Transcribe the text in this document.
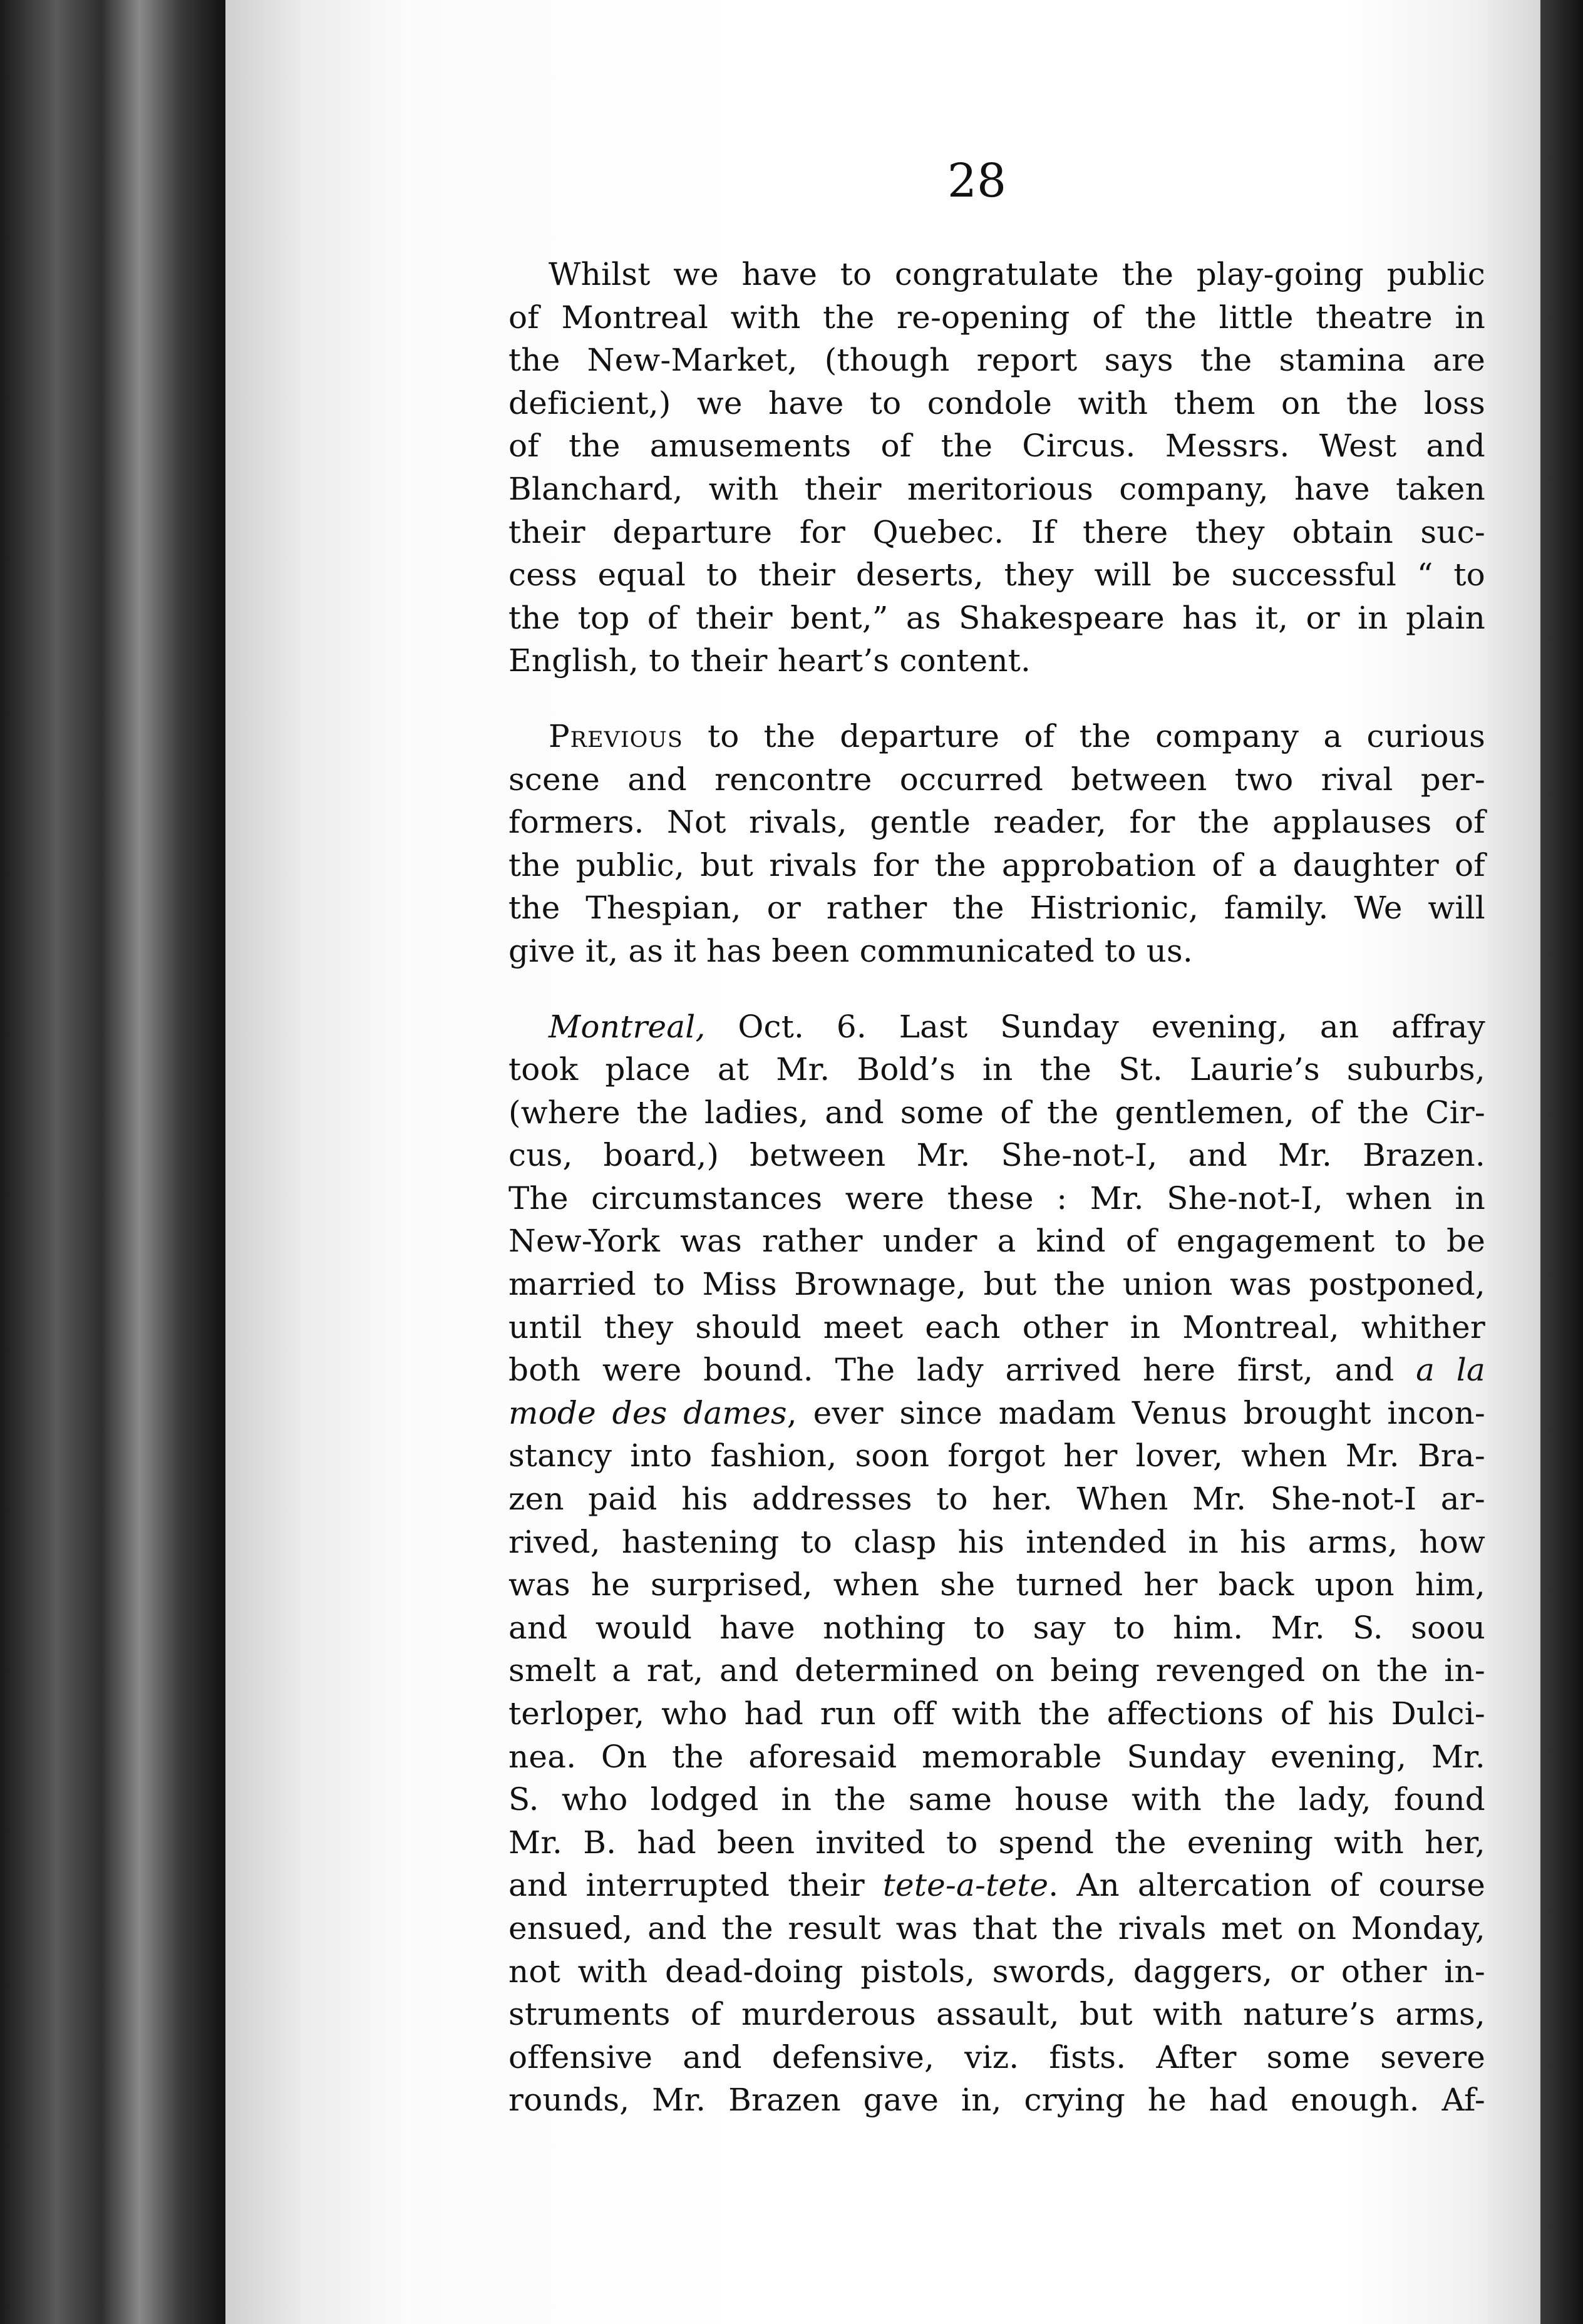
28
Whilst we have to congratulate the play-going public
of Montreal with the re-opening of the little theatre in
the New-Market, (though report says the stamina are
deficient,) we have to condole with them on the loss
of the amusements of the Circus. Messrs. West and
Blanchard, with their meritorious company, have taken
their departure for Quebec. If there they obtain suc-
cess equal to their deserts, they will be successful “ to
the top of their bent,” as Shakespeare has it, or in plain
English, to their heart’s content.
Previous to the departure of the company a curious
scene and rencontre occurred between two rival per-
formers. Not rivals, gentle reader, for the applauses of
the public, but rivals for the approbation of a daughter of
the Thespian, or rather the Histrionic, family. We will
give it, as it has been communicated to us.
Montreal, Oct. 6. Last Sunday evening, an affray
took place at Mr. Bold’s in the St. Laurie’s suburbs,
(where the ladies, and some of the gentlemen, of the Cir-
cus, board,) between Mr. She-not-I, and Mr. Brazen.
The circumstances were these : Mr. She-not-I, when in
New-York was rather under a kind of engagement to be
married to Miss Brownage, but the union was postponed,
until they should meet each other in Montreal, whither
both were bound. The lady arrived here first, and a la
mode des dames, ever since madam Venus brought incon-
stancy into fashion, soon forgot her lover, when Mr. Bra-
zen paid his addresses to her. When Mr. She-not-I ar-
rived, hastening to clasp his intended in his arms, how
was he surprised, when she turned her back upon him,
and would have nothing to say to him. Mr. S. soou
smelt a rat, and determined on being revenged on the in-
terloper, who had run off with the affections of his Dulci-
nea. On the aforesaid memorable Sunday evening, Mr.
S. who lodged in the same house with the lady, found
Mr. B. had been invited to spend the evening with her,
and interrupted their tete-a-tete. An altercation of course
ensued, and the result was that the rivals met on Monday,
not with dead-doing pistols, swords, daggers, or other in-
struments of murderous assault, but with nature’s arms,
offensive and defensive, viz. fists. After some severe
rounds, Mr. Brazen gave in, crying he had enough. Af-
